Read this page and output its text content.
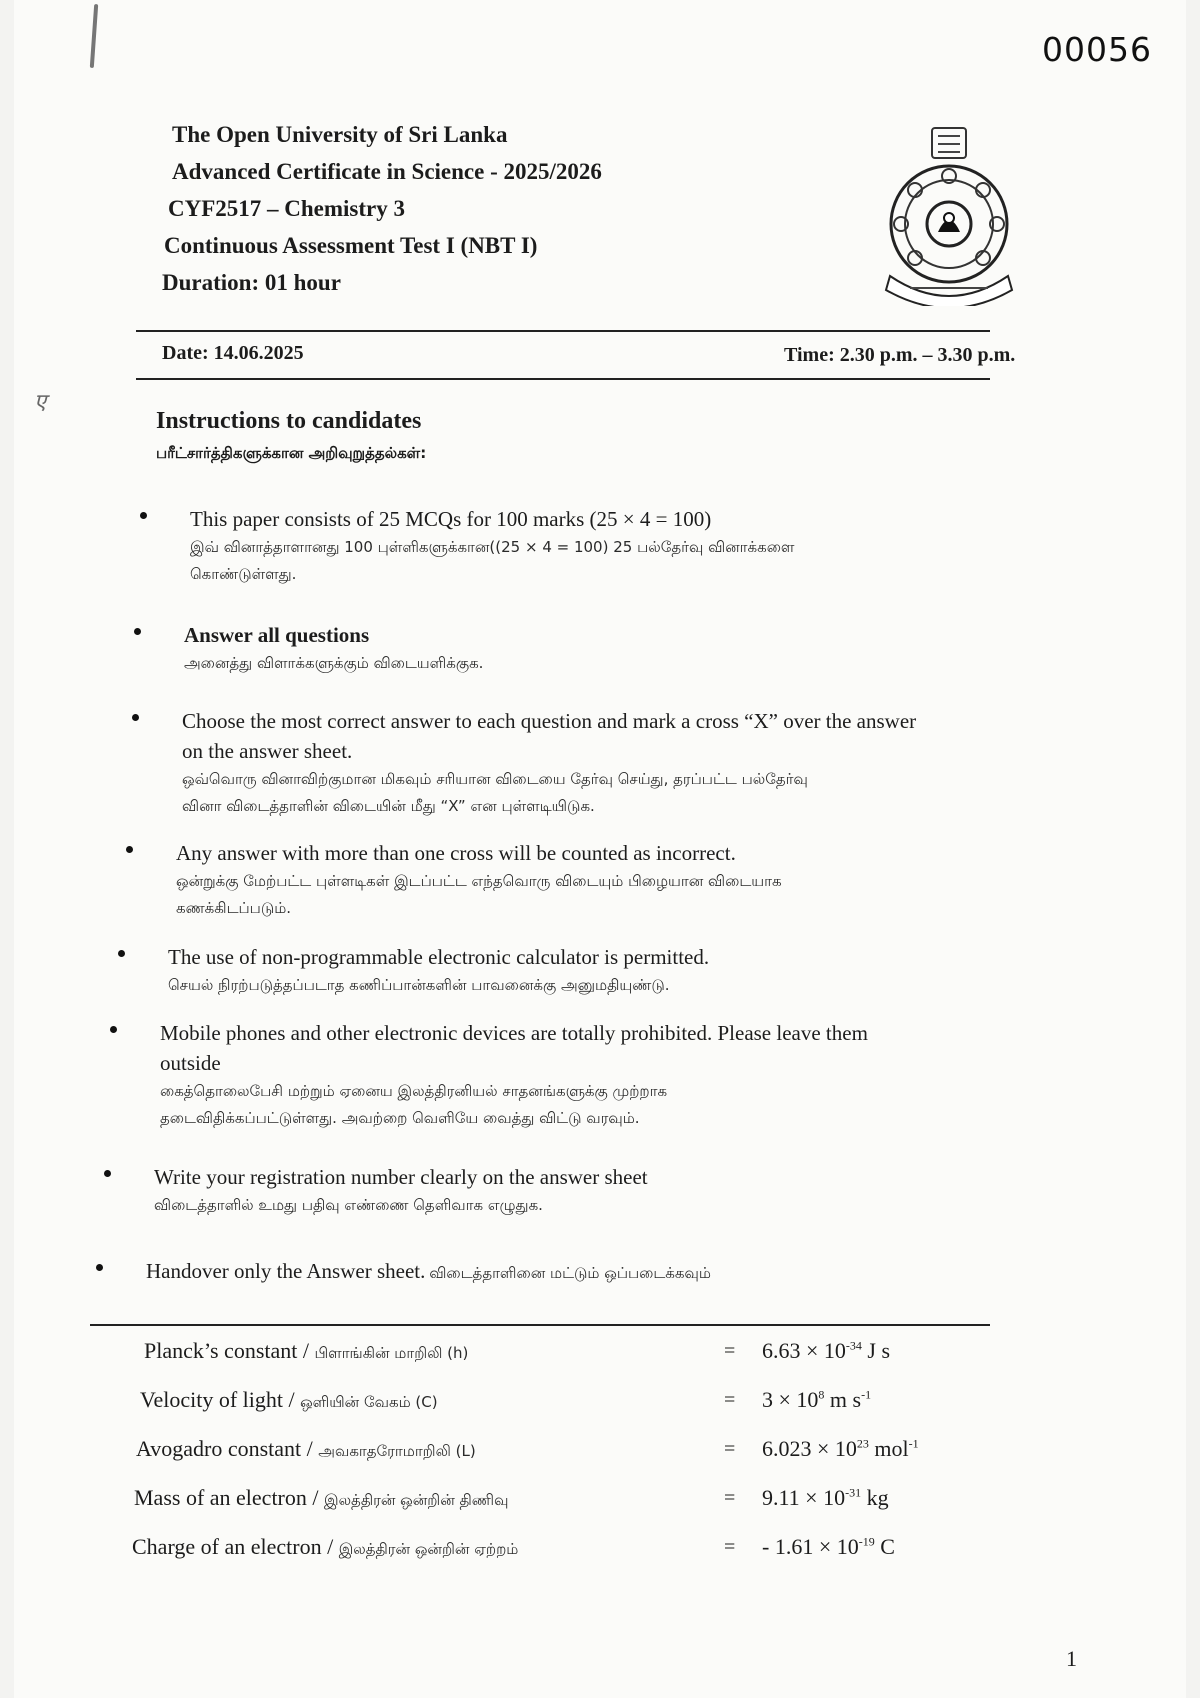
ए
00056
The Open University of Sri Lanka
Advanced Certificate in Science - 2025/2026
CYF2517 – Chemistry 3
Continuous Assessment Test I (NBT I)
Duration: 01 hour
Date: 14.06.2025	Time: 2.30 p.m. – 3.30 p.m.
Instructions to candidates
பரீட்சார்த்திகளுக்கான அறிவுறுத்தல்கள்:
This paper consists of 25 MCQs for 100 marks (25 × 4 = 100)
இவ் வினாத்தாளானது 100 புள்ளிகளுக்கான((25 × 4 = 100) 25 பல்தேர்வு வினாக்களை
கொண்டுள்ளது.
Answer all questions
அனைத்து விளாக்களுக்கும் விடையளிக்குக.
Choose the most correct answer to each question and mark a cross “X” over the answer
on the answer sheet.
ஒவ்வொரு வினாவிற்குமான மிகவும் சரியான விடையை தேர்வு செய்து, தரப்பட்ட பல்தேர்வு
வினா விடைத்தாளின் விடையின் மீது “X” என புள்ளடியிடுக.
Any answer with more than one cross will be counted as incorrect.
ஒன்றுக்கு மேற்பட்ட புள்ளடிகள் இடப்பட்ட எந்தவொரு விடையும் பிழையான விடையாக
கணக்கிடப்படும்.
The use of non-programmable electronic calculator is permitted.
செயல் நிரற்படுத்தப்படாத கணிப்பான்களின் பாவனைக்கு அனுமதியுண்டு.
Mobile phones and other electronic devices are totally prohibited. Please leave them
outside
கைத்தொலைபேசி மற்றும் ஏனைய இலத்திரனியல் சாதனங்களுக்கு முற்றாக
தடைவிதிக்கப்பட்டுள்ளது. அவற்றை வெளியே வைத்து விட்டு வரவும்.
Write your registration number clearly on the answer sheet
விடைத்தாளில் உமது பதிவு எண்ணை தெளிவாக எழுதுக.
Handover only the Answer sheet. விடைத்தாளினை மட்டும் ஒப்படைக்கவும்
Planck’s constant / பிளாங்கின் மாறிலி (h)	= $6.63 \times 10^{-34}$ J s
Velocity of light / ஒளியின் வேகம் (C)	= $3 \times 10^8$ m $s^{-1}$
Avogadro constant / அவகாதரோமாறிலி (L)	= $6.023 \times 10^{23}$ mol$^{-1}$
Mass of an electron / இலத்திரன் ஒன்றின் திணிவு	= $9.11 \times 10^{-31}$ kg
Charge of an electron / இலத்திரன் ஒன்றின் ஏற்றம்	= - $1.61 \times 10^{-19}$ C
1
